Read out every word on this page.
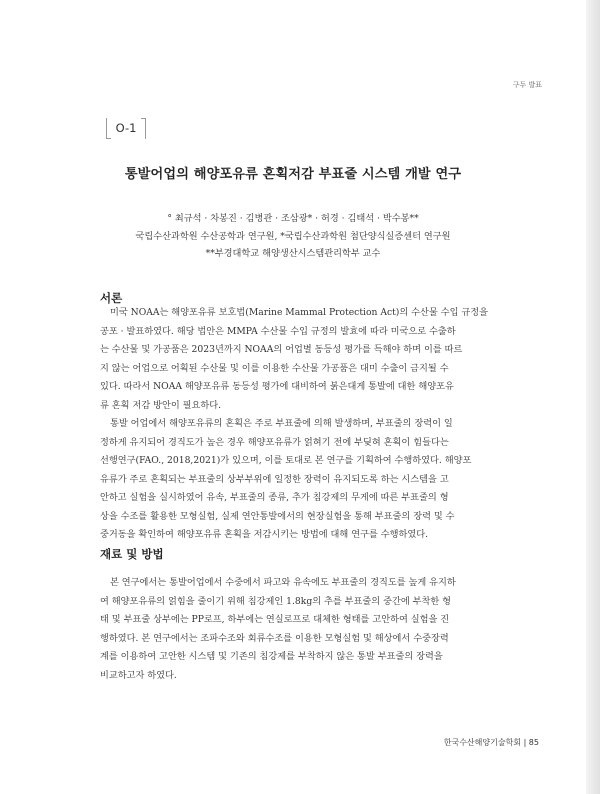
구두 발표
O-1
통발어업의 해양포유류 혼획저감 부표줄 시스템 개발 연구
° 최규석 · 차봉진 · 김병관 · 조삼광* · 허경 · 김태석 · 박수봉**
국립수산과학원 수산공학과 연구원, *국립수산과학원 첨단양식실증센터 연구원
**부경대학교 해양생산시스템관리학부 교수
서론
미국 NOAA는 해양포유류 보호법(Marine Mammal Protection Act)의 수산물 수입 규정을
공포 · 발표하였다. 해당 법안은 MMPA 수산물 수입 규정의 발효에 따라 미국으로 수출하
는 수산물 및 가공품은 2023년까지 NOAA의 어업별 동등성 평가를 득해야 하며 이를 따르
지 않는 어업으로 어획된 수산물 및 이를 이용한 수산물 가공품은 대미 수출이 금지될 수
있다. 따라서 NOAA 해양포유류 동등성 평가에 대비하여 붉은대게 통발에 대한 해양포유
류 혼획 저감 방안이 필요하다.
통발 어업에서 해양포유류의 혼획은 주로 부표줄에 의해 발생하며, 부표줄의 장력이 일
정하게 유지되어 경직도가 높은 경우 해양포유류가 얽혀기 전에 부딪혀 혼획이 힘들다는
선행연구(FAO., 2018,2021)가 있으며, 이를 토대로 본 연구를 기획하여 수행하였다. 해양포
유류가 주로 혼획되는 부표줄의 상부부위에 일정한 장력이 유지되도록 하는 시스템을 고
안하고 실험을 실시하였어 유속, 부표줄의 종류, 추가 침강제의 무게에 따른 부표줄의 형
상을 수조를 활용한 모형실험, 실제 연안통발에서의 현장실험을 통해 부표줄의 장력 및 수
중거동을 확인하여 해양포유류 혼획을 저감시키는 방법에 대해 연구를 수행하였다.
재료 및 방법
본 연구에서는 통발어업에서 수중에서 파고와 유속에도 부표줄의 경직도를 높게 유지하
여 해양포유류의 얽힘을 줄이기 위해 침강제인 1.8kg의 추를 부표줄의 중간에 부착한 형
태 및 부표줄 상부에는 PP로프, 하부에는 연실로프로 대체한 형태를 고안하여 실험을 진
행하였다. 본 연구에서는 조파수조와 회류수조를 이용한 모형실험 및 해상에서 수중장력
계를 이용하여 고안한 시스템 및 기존의 침강제를 부착하지 않은 통발 부표줄의 장력을
비교하고자 하였다.
한국수산해양기술학회 | 85
